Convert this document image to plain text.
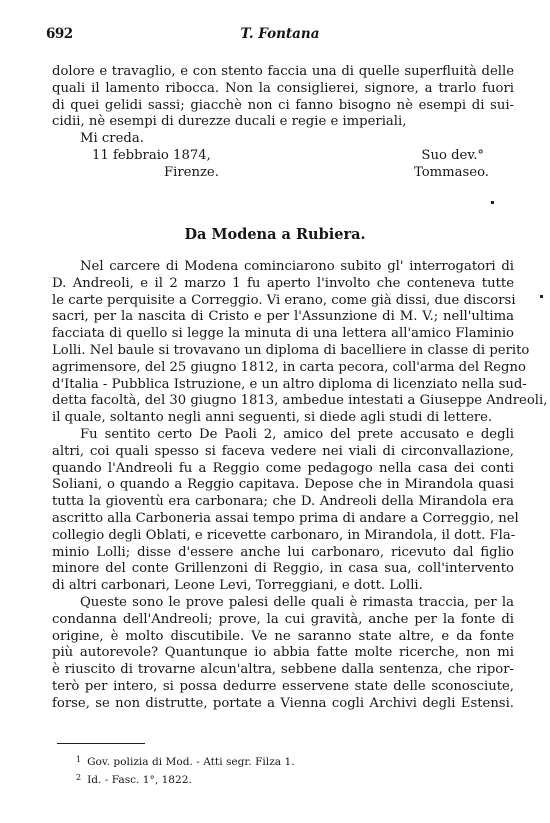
692	T. Fontana
dolore e travaglio, e con stento faccia una di quelle superfluità delle
quali il lamento ribocca. Non la consiglierei, signore, a trarlo fuori
di quei gelidi sassi; giacchè non ci fanno bisogno nè esempi di sui-
cidii, nè esempi di durezze ducali e regie e imperiali,
Mi creda.
11 febbraio 1874,	Suo dev.°
Firenze.	Tommaseo.
Da Modena a Rubiera.
Nel carcere di Modena cominciarono subito gl' interrogatori di
D. Andreoli, e il 2 marzo 1 fu aperto l'involto che conteneva tutte
le carte perquisite a Correggio. Vi erano, come già dissi, due discorsi
sacri, per la nascita di Cristo e per l'Assunzione di M. V.; nell'ultima
facciata di quello si legge la minuta di una lettera all'amico Flaminio
Lolli. Nel baule si trovavano un diploma di bacelliere in classe di perito
agrimensore, del 25 giugno 1812, in carta pecora, coll'arma del Regno
d'Italia - Pubblica Istruzione, e un altro diploma di licenziato nella sud-
detta facoltà, del 30 giugno 1813, ambedue intestati a Giuseppe Andreoli,
il quale, soltanto negli anni seguenti, si diede agli studi di lettere.
Fu sentito certo De Paoli 2, amico del prete accusato e degli
altri, coi quali spesso si faceva vedere nei viali di circonvallazione,
quando l'Andreoli fu a Reggio come pedagogo nella casa dei conti
Soliani, o quando a Reggio capitava. Depose che in Mirandola quasi
tutta la gioventù era carbonara; che D. Andreoli della Mirandola era
ascritto alla Carboneria assai tempo prima di andare a Correggio, nel
collegio degli Oblati, e ricevette carbonaro, in Mirandola, il dott. Fla-
minio Lolli; disse d'essere anche lui carbonaro, ricevuto dal figlio
minore del conte Grillenzoni di Reggio, in casa sua, coll'intervento
di altri carbonari, Leone Levi, Torreggiani, e dott. Lolli.
Queste sono le prove palesi delle quali è rimasta traccia, per la
condanna dell'Andreoli; prove, la cui gravità, anche per la fonte di
origine, è molto discutibile. Ve ne saranno state altre, e da fonte
più autorevole? Quantunque io abbia fatte molte ricerche, non mi
è riuscito di trovarne alcun'altra, sebbene dalla sentenza, che ripor-
terò per intero, si possa dedurre esservene state delle sconosciute,
forse, se non distrutte, portate a Vienna cogli Archivi degli Estensi.
$^1$ Gov. polizia di Mod. - Atti segr. Filza 1.
$^2$ Id. - Fasc. 1°, 1822.
